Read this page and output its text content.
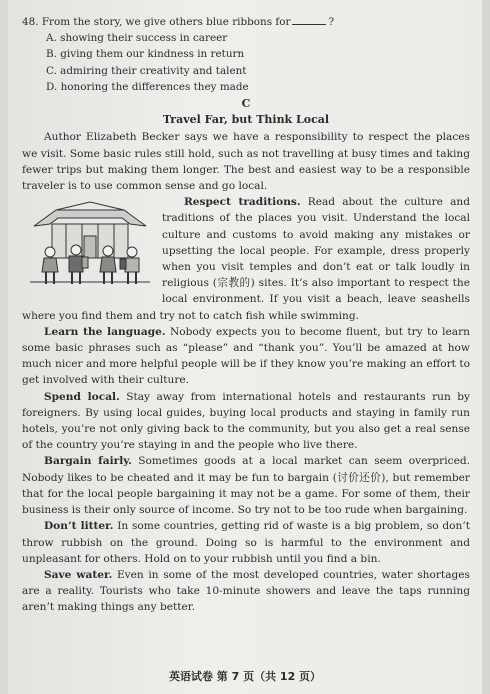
48. From the story, we give others blue ribbons for	?

A. showing their success in career

B. giving them our kindness in return

C. admiring their creativity and talent

D. honoring the differences they made

C

Travel Far, but Think Local

Author Elizabeth Becker says we have a responsibility to respect the places we visit. Some basic rules still hold, such as not travelling at busy times and taking fewer trips but making them longer. The best and easiest way to be a responsible traveler is to use common sense and go local.

Respect traditions. Read about the culture and traditions of the places you visit. Understand the local culture and customs to avoid making any mistakes or upsetting the local people. For example, dress properly when you visit temples and don’t eat or talk loudly in religious (宗教的) sites. It’s also important to respect the local environment. If you visit a beach, leave seashells where you find them and try not to catch fish while swimming.

Learn the language. Nobody expects you to become fluent, but try to learn some basic phrases such as “please” and “thank you”. You’ll be amazed at how much nicer and more helpful people will be if they know you’re making an effort to get involved with their culture.

Spend local. Stay away from international hotels and restaurants run by foreigners. By using local guides, buying local products and staying in family run hotels, you’re not only giving back to the community, but you also get a real sense of the country you’re staying in and the people who live there.

Bargain fairly. Sometimes goods at a local market can seem overpriced. Nobody likes to be cheated and it may be fun to bargain (讨价还价), but remember that for the local people bargaining it may not be a game. For some of them, their business is their only source of income. So try not to be too rude when bargaining.

Don’t litter. In some countries, getting rid of waste is a big problem, so don’t throw rubbish on the ground. Doing so is harmful to the environment and unpleasant for others. Hold on to your rubbish until you find a bin.

Save water. Even in some of the most developed countries, water shortages are a reality. Tourists who take 10-minute showers and leave the taps running aren’t making things any better.

英语试卷 第 7 页（共 12 页）
